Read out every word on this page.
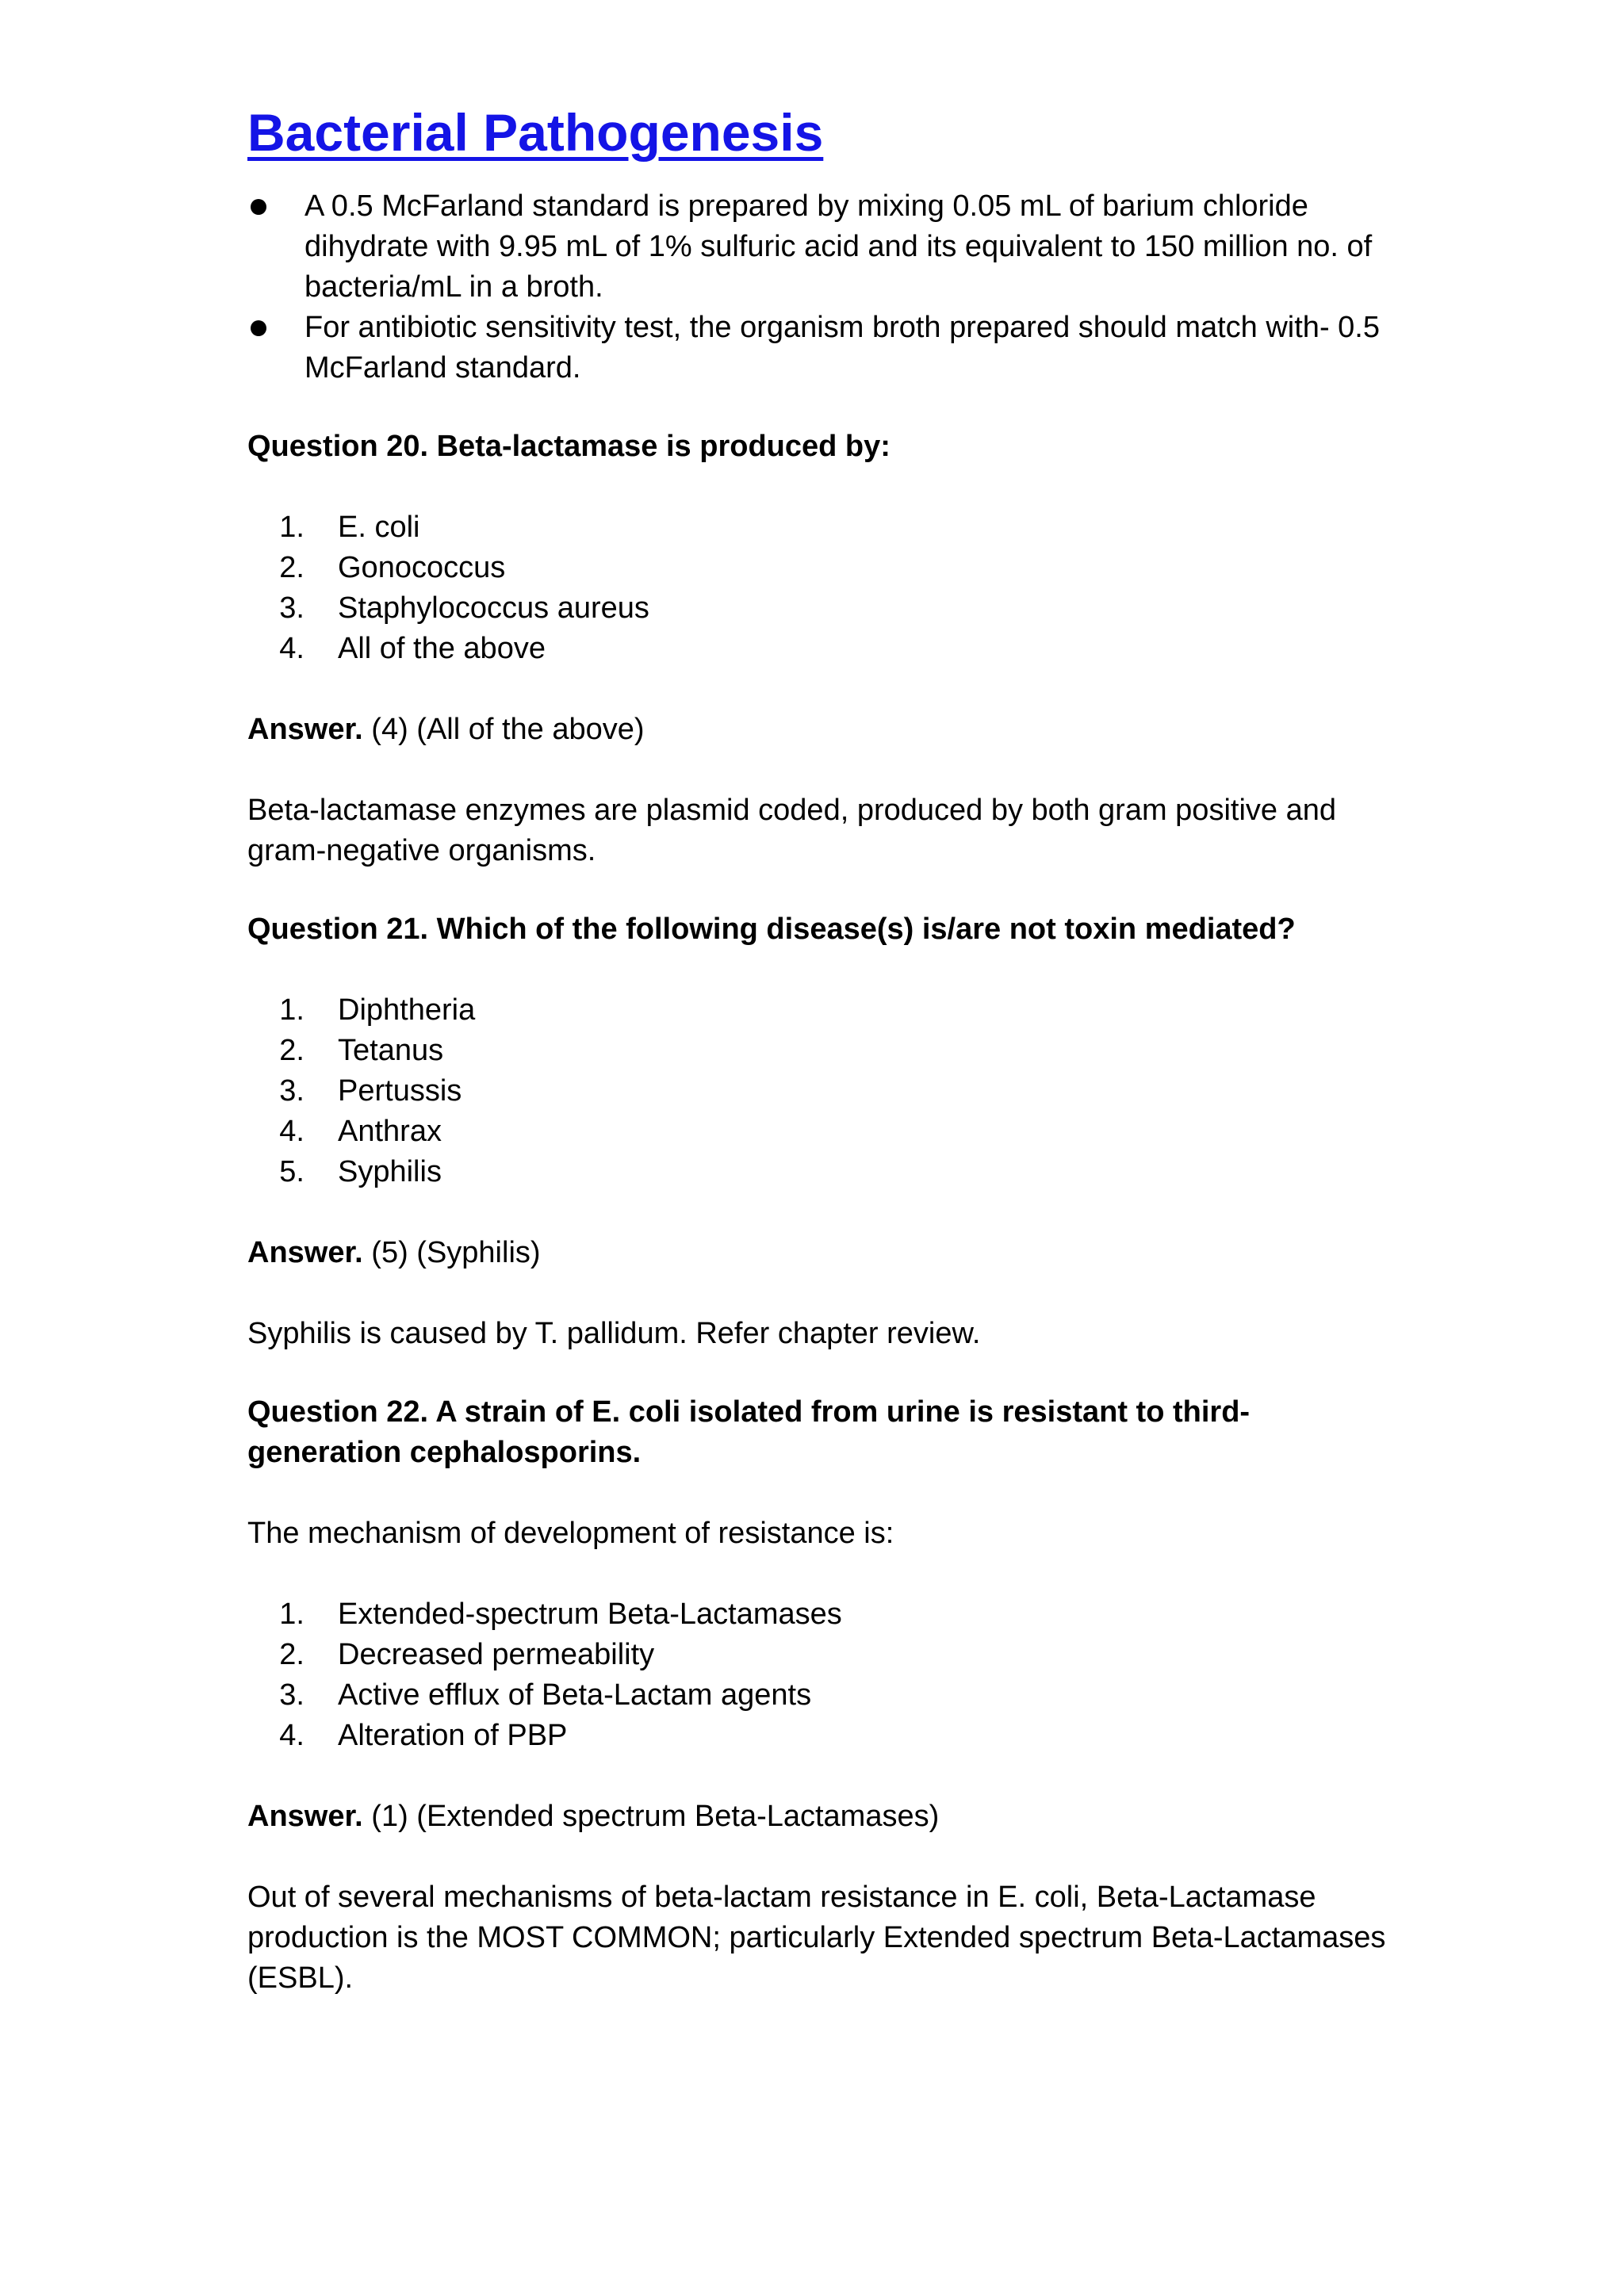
Bacterial Pathogenesis
A 0.5 McFarland standard is prepared by mixing 0.05 mL of barium chloride dihydrate with 9.95 mL of 1% sulfuric acid and its equivalent to 150 million no. of bacteria/mL in a broth.
For antibiotic sensitivity test, the organism broth prepared should match with- 0.5 McFarland standard.
Question 20. Beta-lactamase is produced by:
1. E. coli
2. Gonococcus
3. Staphylococcus aureus
4. All of the above
Answer. (4) (All of the above)
Beta-lactamase enzymes are plasmid coded, produced by both gram positive and gram-negative organisms.
Question 21. Which of the following disease(s) is/are not toxin mediated?
1. Diphtheria
2. Tetanus
3. Pertussis
4. Anthrax
5. Syphilis
Answer. (5) (Syphilis)
Syphilis is caused by T. pallidum. Refer chapter review.
Question 22. A strain of E. coli isolated from urine is resistant to third-generation cephalosporins.
The mechanism of development of resistance is:
1. Extended-spectrum Beta-Lactamases
2. Decreased permeability
3. Active efflux of Beta-Lactam agents
4. Alteration of PBP
Answer. (1) (Extended spectrum Beta-Lactamases)
Out of several mechanisms of beta-lactam resistance in E. coli, Beta-Lactamase production is the MOST COMMON; particularly Extended spectrum Beta-Lactamases (ESBL).
